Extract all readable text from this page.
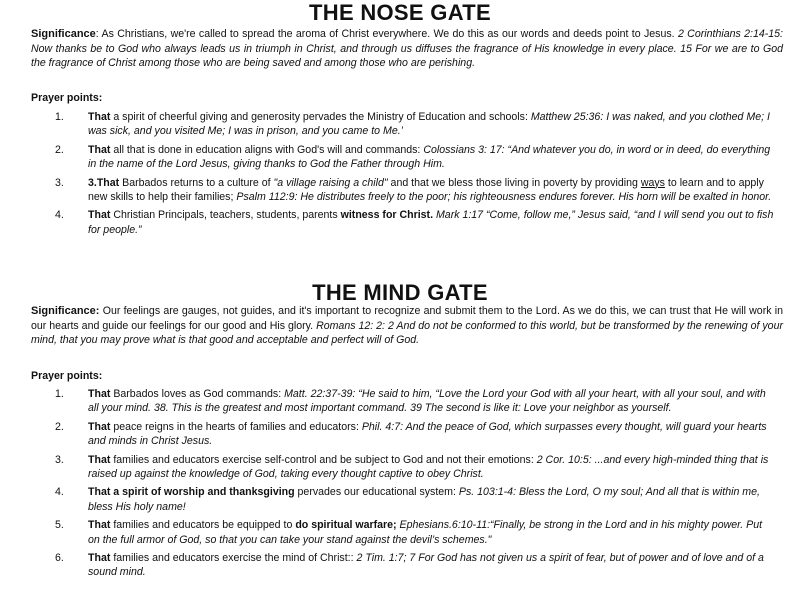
THE NOSE GATE

Significance: As Christians, we're called to spread the aroma of Christ everywhere. We do this as our words and deeds point to Jesus. 2 Corinthians 2:14-15: Now thanks be to God who always leads us in triumph in Christ, and through us diffuses the fragrance of His knowledge in every place. 15 For we are to God the fragrance of Christ among those who are being saved and among those who are perishing.

Prayer points:

1.	That a spirit of cheerful giving and generosity pervades the Ministry of Education and schools: Matthew 25:36: I was naked, and you clothed Me; I was sick, and you visited Me; I was in prison, and you came to Me.’
2.	That all that is done in education aligns with God's will and commands: Colossians 3: 17: “And whatever you do, in word or in deed, do everything in the name of the Lord Jesus, giving thanks to God the Father through Him.
3.	3.That Barbados returns to a culture of "a village raising a child" and that we bless those living in poverty by providing ways to learn and to apply new skills to help their families; Psalm 112:9: He distributes freely to the poor; his righteousness endures forever. His horn will be exalted in honor.
4.	That Christian Principals, teachers, students, parents witness for Christ. Mark 1:17 “Come, follow me,” Jesus said, “and I will send you out to fish for people.”
THE MIND GATE

Significance: Our feelings are gauges, not guides, and it's important to recognize and submit them to the Lord. As we do this, we can trust that He will work in our hearts and guide our feelings for our good and His glory. Romans 12: 2: 2 And do not be conformed to this world, but be transformed by the renewing of your mind, that you may prove what is that good and acceptable and perfect will of God.

Prayer points:

1.	That Barbados loves as God commands: Matt. 22:37-39: “He said to him, “Love the Lord your God with all your heart, with all your soul, and with all your mind. 38. This is the greatest and most important command. 39 The second is like it: Love your neighbor as yourself.
2.	That peace reigns in the hearts of families and educators: Phil. 4:7: And the peace of God, which surpasses every thought, will guard your hearts and minds in Christ Jesus.
3.	That families and educators exercise self-control and be subject to God and not their emotions: 2 Cor. 10:5: ...and every high-minded thing that is raised up against the knowledge of God, taking every thought captive to obey Christ.
4.	That a spirit of worship and thanksgiving pervades our educational system: Ps. 103:1-4: Bless the Lord, O my soul; And all that is within me, bless His holy name!
5.	That families and educators be equipped to do spiritual warfare; Ephesians.6:10-11:“Finally, be strong in the Lord and in his mighty power. Put on the full armor of God, so that you can take your stand against the devil’s schemes."
6.	That families and educators exercise the mind of Christ:: 2 Tim. 1:7; 7 For God has not given us a spirit of fear, but of power and of love and of a sound mind.
